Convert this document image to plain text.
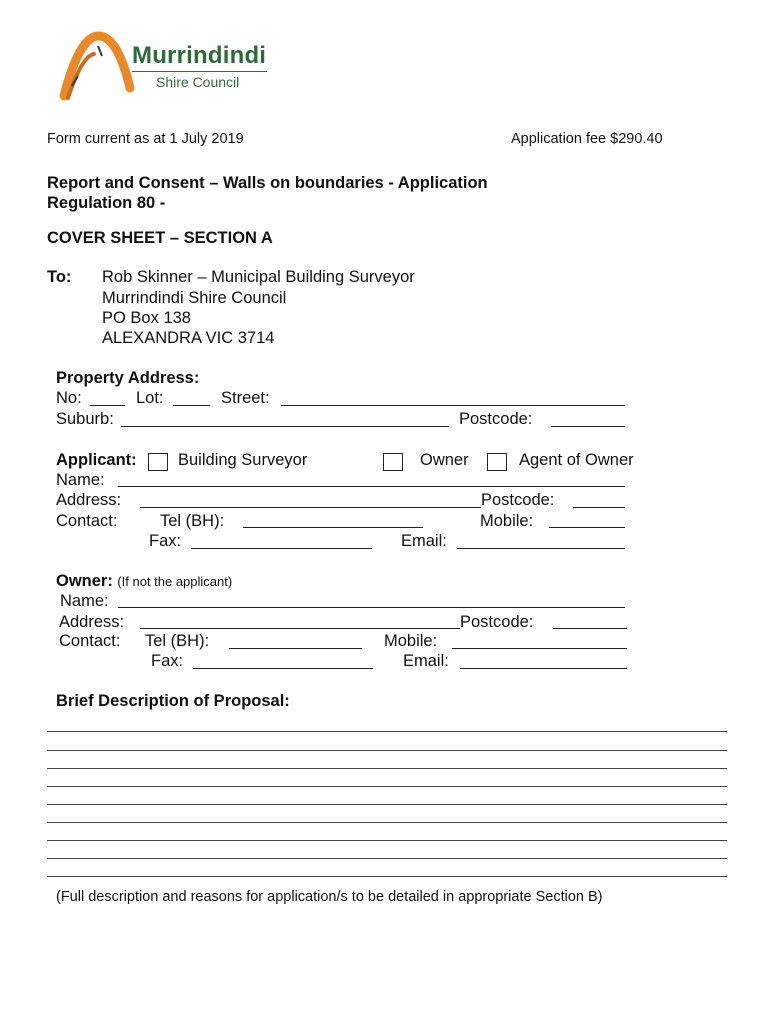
Murrindindi
Shire Council
Form current as at 1 July 2019	Application fee $290.40
Report and Consent – Walls on boundaries - Application
Regulation 80 -
COVER SHEET – SECTION A
To: Rob Skinner – Municipal Building Surveyor
Murrindindi Shire Council
PO Box 138
ALEXANDRA VIC 3714
Property Address:
No:	Lot:	Street:
Suburb:	Postcode:
Applicant:	Building Surveyor	Owner	Agent of Owner
Name:
Address:	Postcode:
Contact:	Tel (BH):	Mobile:
Fax:	Email:
Owner: (If not the applicant)
Name:
Address:	Postcode:
Contact: Tel (BH):	Mobile:
Fax:	Email:
Brief Description of Proposal:
(Full description and reasons for application/s to be detailed in appropriate Section B)
